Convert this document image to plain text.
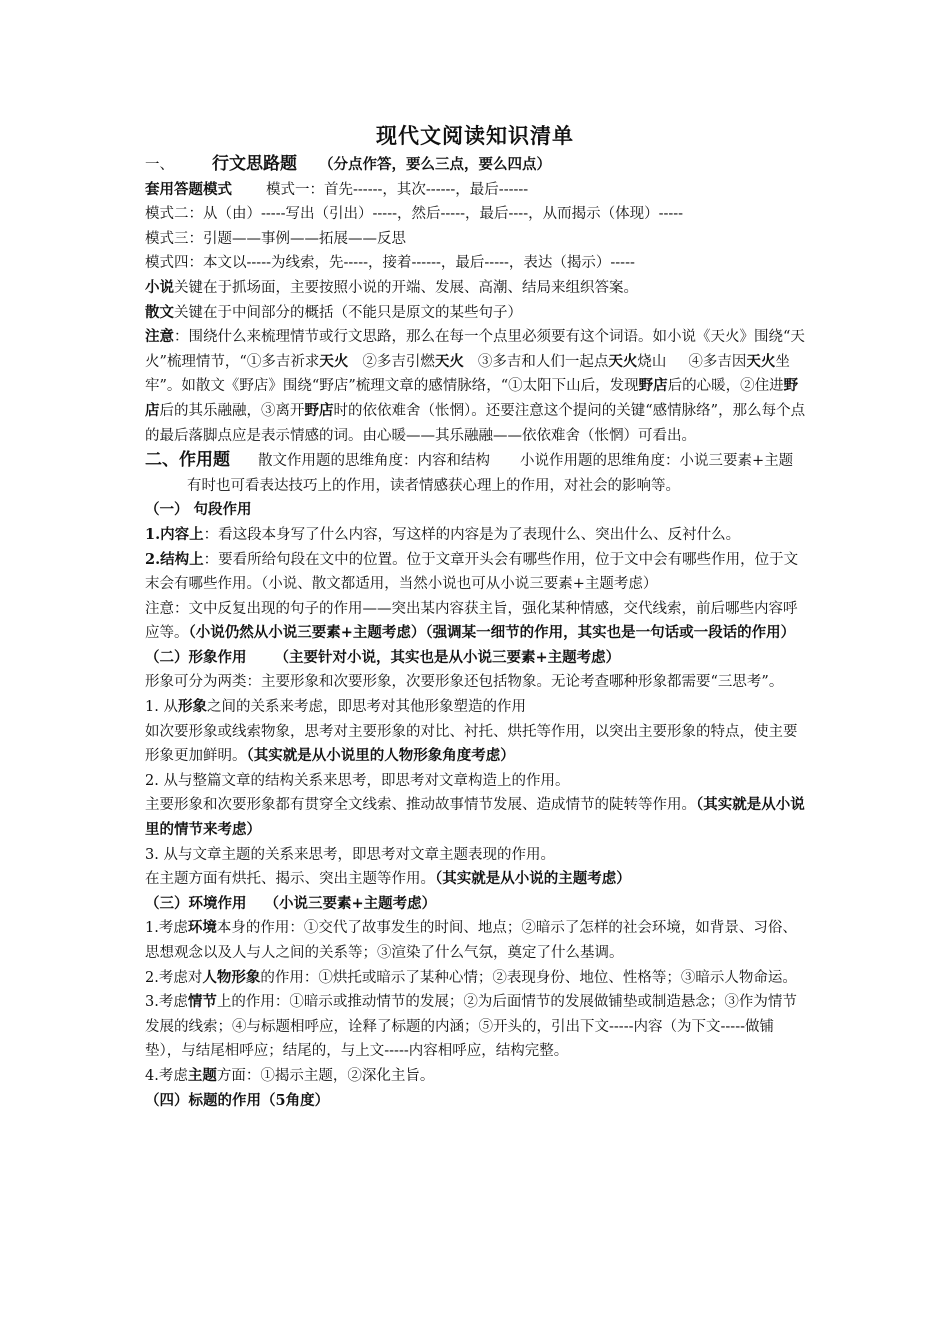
现代文阅读知识清单

一、 行文思路题 （分点作答，要么三点，要么四点）

套用答题模式 模式一：首先------，其次------，最后------

模式二：从（由）-----写出（引出）-----，然后-----，最后----，从而揭示（体现）-----

模式三：引题——事例——拓展——反思

模式四：本文以-----为线索，先-----，接着------，最后-----，表达（揭示）-----

小说关键在于抓场面，主要按照小说的开端、发展、高潮、结局来组织答案。

散文关键在于中间部分的概括（不能只是原文的某些句子）

注意：围绕什么来梳理情节或行文思路，那么在每一个点里必须要有这个词语。如小说《天火》围绕“天火”梳理情节，“①多吉祈求天火 ②多吉引燃天火 ③多吉和人们一起点天火烧山 ④多吉因天火坐牢”。如散文《野店》围绕“野店”梳理文章的感情脉络，“①太阳下山后，发现野店后的心暖，②住进野店后的其乐融融，③离开野店时的依依难舍（怅惘）。还要注意这个提问的关键“感情脉络”，那么每个点的最后落脚点应是表示情感的词。由心暖——其乐融融——依依难舍（怅惘）可看出。

二、作用题 散文作用题的思维角度：内容和结构 小说作用题的思维角度：小说三要素+主题有时也可看表达技巧上的作用，读者情感获心理上的作用，对社会的影响等。

（一） 句段作用

1.内容上：看这段本身写了什么内容，写这样的内容是为了表现什么、突出什么、反衬什么。

2.结构上：要看所给句段在文中的位置。位于文章开头会有哪些作用，位于文中会有哪些作用，位于文末会有哪些作用。（小说、散文都适用，当然小说也可从小说三要素+主题考虑）

注意：文中反复出现的句子的作用——突出某内容获主旨，强化某种情感，交代线索，前后哪些内容呼应等。（小说仍然从小说三要素+主题考虑）（强调某一细节的作用，其实也是一句话或一段话的作用）

（二）形象作用 （主要针对小说，其实也是从小说三要素+主题考虑）

形象可分为两类：主要形象和次要形象，次要形象还包括物象。无论考查哪种形象都需要“三思考”。

1. 从形象之间的关系来考虑，即思考对其他形象塑造的作用

如次要形象或线索物象，思考对主要形象的对比、衬托、烘托等作用，以突出主要形象的特点，使主要形象更加鲜明。（其实就是从小说里的人物形象角度考虑）

2. 从与整篇文章的结构关系来思考，即思考对文章构造上的作用。

主要形象和次要形象都有贯穿全文线索、推动故事情节发展、造成情节的陡转等作用。（其实就是从小说里的情节来考虑）

3. 从与文章主题的关系来思考，即思考对文章主题表现的作用。

在主题方面有烘托、揭示、突出主题等作用。（其实就是从小说的主题考虑）

（三）环境作用 （小说三要素+主题考虑）

1.考虑环境本身的作用：①交代了故事发生的时间、地点；②暗示了怎样的社会环境，如背景、习俗、思想观念以及人与人之间的关系等；③渲染了什么气氛，奠定了什么基调。

2.考虑对人物形象的作用：①烘托或暗示了某种心情；②表现身份、地位、性格等；③暗示人物命运。

3.考虑情节上的作用：①暗示或推动情节的发展；②为后面情节的发展做铺垫或制造悬念；③作为情节发展的线索；④与标题相呼应，诠释了标题的内涵；⑤开头的，引出下文-----内容（为下文-----做铺垫），与结尾相呼应；结尾的，与上文-----内容相呼应，结构完整。

4.考虑主题方面：①揭示主题，②深化主旨。

（四）标题的作用（5角度）
